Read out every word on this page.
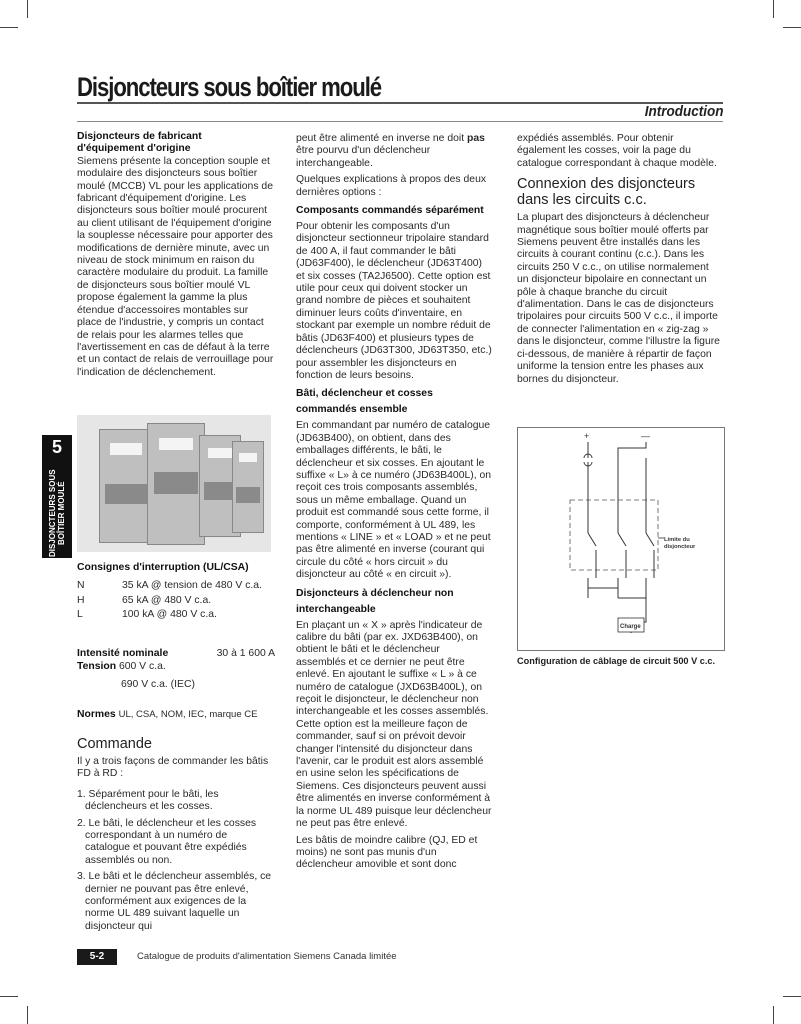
Disjoncteurs sous boîtier moulé
Introduction
5
DISJONCTEURS SOUS BOÎTIER MOULÉ
Disjoncteurs de fabricant
d'équipement d'origine

Siemens présente la conception souple et modulaire des disjoncteurs sous boîtier moulé (MCCB) VL pour les applications de fabricant d'équipement d'origine. Les disjoncteurs sous boîtier moulé procurent au client utilisant de l'équipement d'origine la souplesse nécessaire pour apporter des modifications de dernière minute, avec un niveau de stock minimum en raison du caractère modulaire du produit. La famille de disjoncteurs sous boîtier moulé VL propose également la gamme la plus étendue d'accessoires montables sur place de l'industrie, y compris un contact de relais pour les alarmes telles que l'avertissement en cas de défaut à la terre et un contact de relais de verrouillage pour l'indication de déclenchement.

Consignes d'interruption (UL/CSA)
N	35 kA @ tension de 480 V c.a.
H	65 kA @ 480 V c.a.
L	100 kA @ 480 V c.a.
Intensité nominale	30 à 1 600 A
Tension 600 V c.a.
690 V c.a. (IEC)
Normes UL, CSA, NOM, IEC, marque CE
Commande

Il y a trois façons de commander les bâtis FD à RD :

1. Séparément pour le bâti, les déclencheurs et les cosses.
2. Le bâti, le déclencheur et les cosses correspondant à un numéro de catalogue et pouvant être expédiés assemblés ou non.
3. Le bâti et le déclencheur assemblés, ce dernier ne pouvant pas être enlevé, conformément aux exigences de la norme UL 489 suivant laquelle un disjoncteur qui

peut être alimenté en inverse ne doit pas être pourvu d'un déclencheur interchangeable.

Quelques explications à propos des deux dernières options :

Composants commandés séparément

Pour obtenir les composants d'un disjoncteur sectionneur tripolaire standard de 400 A, il faut commander le bâti (JD63F400), le déclencheur (JD63T400) et six cosses (TA2J6500). Cette option est utile pour ceux qui doivent stocker un grand nombre de pièces et souhaitent diminuer leurs coûts d'inventaire, en stockant par exemple un nombre réduit de bâtis (JD63F400) et plusieurs types de déclencheurs (JD63T300, JD63T350, etc.) pour assembler les disjoncteurs en fonction de leurs besoins.

Bâti, déclencheur et cosses commandés ensemble

En commandant par numéro de catalogue (JD63B400), on obtient, dans des emballages différents, le bâti, le déclencheur et six cosses. En ajoutant le suffixe « L» à ce numéro (JD63B400L), on reçoit ces trois composants assemblés, sous un même emballage. Quand un produit est commandé sous cette forme, il comporte, conformément à UL 489, les mentions « LINE » et « LOAD » et ne peut pas être alimenté en inverse (courant qui circule du côté « hors circuit » du disjoncteur au côté « en circuit »).

Disjoncteurs à déclencheur non interchangeable

En plaçant un « X » après l'indicateur de calibre du bâti (par ex. JXD63B400), on obtient le bâti et le déclencheur assemblés et ce dernier ne peut être enlevé. En ajoutant le suffixe « L » à ce numéro de catalogue (JXD63B400L), on reçoit le disjoncteur, le déclencheur non interchangeable et les cosses assemblés. Cette option est la meilleure façon de commander, sauf si on prévoit devoir changer l'intensité du disjoncteur dans l'avenir, car le produit est alors assemblé en usine selon les spécifications de Siemens. Ces disjoncteurs peuvent aussi être alimentés en inverse conformément à la norme UL 489 puisque leur déclencheur ne peut pas être enlevé.

Les bâtis de moindre calibre (QJ, ED et moins) ne sont pas munis d'un déclencheur amovible et sont donc

expédiés assemblés. Pour obtenir également les cosses, voir la page du catalogue correspondant à chaque modèle.

Connexion des disjoncteurs dans les circuits c.c.

La plupart des disjoncteurs à déclencheur magnétique sous boîtier moulé offerts par Siemens peuvent être installés dans les circuits à courant continu (c.c.). Dans les circuits 250 V c.c., on utilise normalement un disjoncteur bipolaire en connectant un pôle à chaque branche du circuit d'alimentation. Dans le cas de disjoncteurs tripolaires pour circuits 500 V c.c., il importe de connecter l'alimentation en « zig-zag » dans le disjoncteur, comme l'illustre la figure ci-dessous, de manière à répartir de façon uniforme la tension entre les phases aux bornes du disjoncteur.

+	—
Limite du
disjoncteur
Charge
Configuration de câblage de circuit 500 V c.c.
5-2	Catalogue de produits d'alimentation Siemens Canada limitée
